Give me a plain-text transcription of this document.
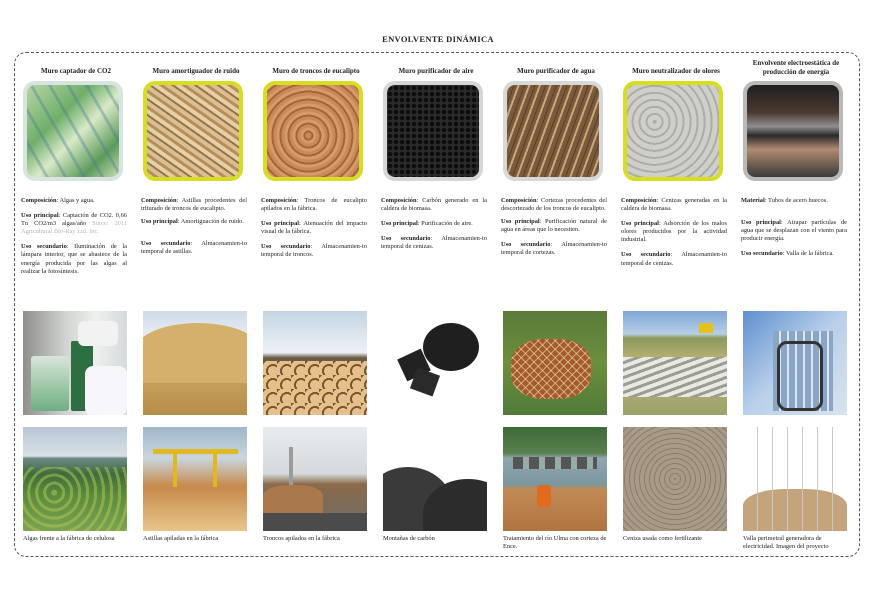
ENVOLVENTE DINÁMICA
Muro captador de CO2

Composición: Algas y agua.

Uso principal: Captación de CO2. 0,66 Tn CO2/m3 algas/año Surce: 2011 Agricultural Bio-Ray Ltd. Inc.

Uso secundario: Iluminación de la lámpara interior, que se abastece de la energía producida por las algas al realizar la fotosíntesis.

Algas frente a la fábrica de celulosa
Muro amortiguador de ruido

Composición: Astillas procedentes del triturado de troncos de eucalipto.

Uso principal: Amortiguación de ruido.

Uso secundario: Almacenamien-to temporal de astillas.

Astillas apiladas en la fábrica
Muro de troncos de eucalipto

Composición: Troncos de eucalipto apilados en la fábrica.

Uso principal: Atenuación del impacto visual de la fábrica.

Uso secundario: Almacenamien-to temporal de troncos.

Troncos apilados en la fábrica
Muro purificador de aire

Composición: Carbón generado en la caldera de biomasa.

Uso principal: Purificación de aire.

Uso secundario: Almacenamien-to temporal de cenizas.

Montañas de carbón
Muro purificador de agua

Composición: Cortezas procedentes del descortezado de los troncos de eucalipto.

Uso principal: Purificación natural de agua en áreas que lo necesiten.

Uso secundario: Almacenamien-to temporal de cortezas.

Tratamiento del río Ulma con corteza de Ence.
Muro neutralizador de olores

Composición: Cenizas generadas en la caldera de biomasa.

Uso principal: Adsorción de los malos olores producidos por la actividad industrial.

Uso secundario: Almacenamien-to temporal de cenizas.

Ceniza usada como fertilizante
Envolvente electroestática de producción de energía

Material: Tubos de acero huecos.

Uso principal: Atrapar partículas de agua que se desplazan con el viento para producir energía.

Uso secundario: Valla de la fábrica.

Valla perimetral generadora de electricidad. Imagen del proyecto
